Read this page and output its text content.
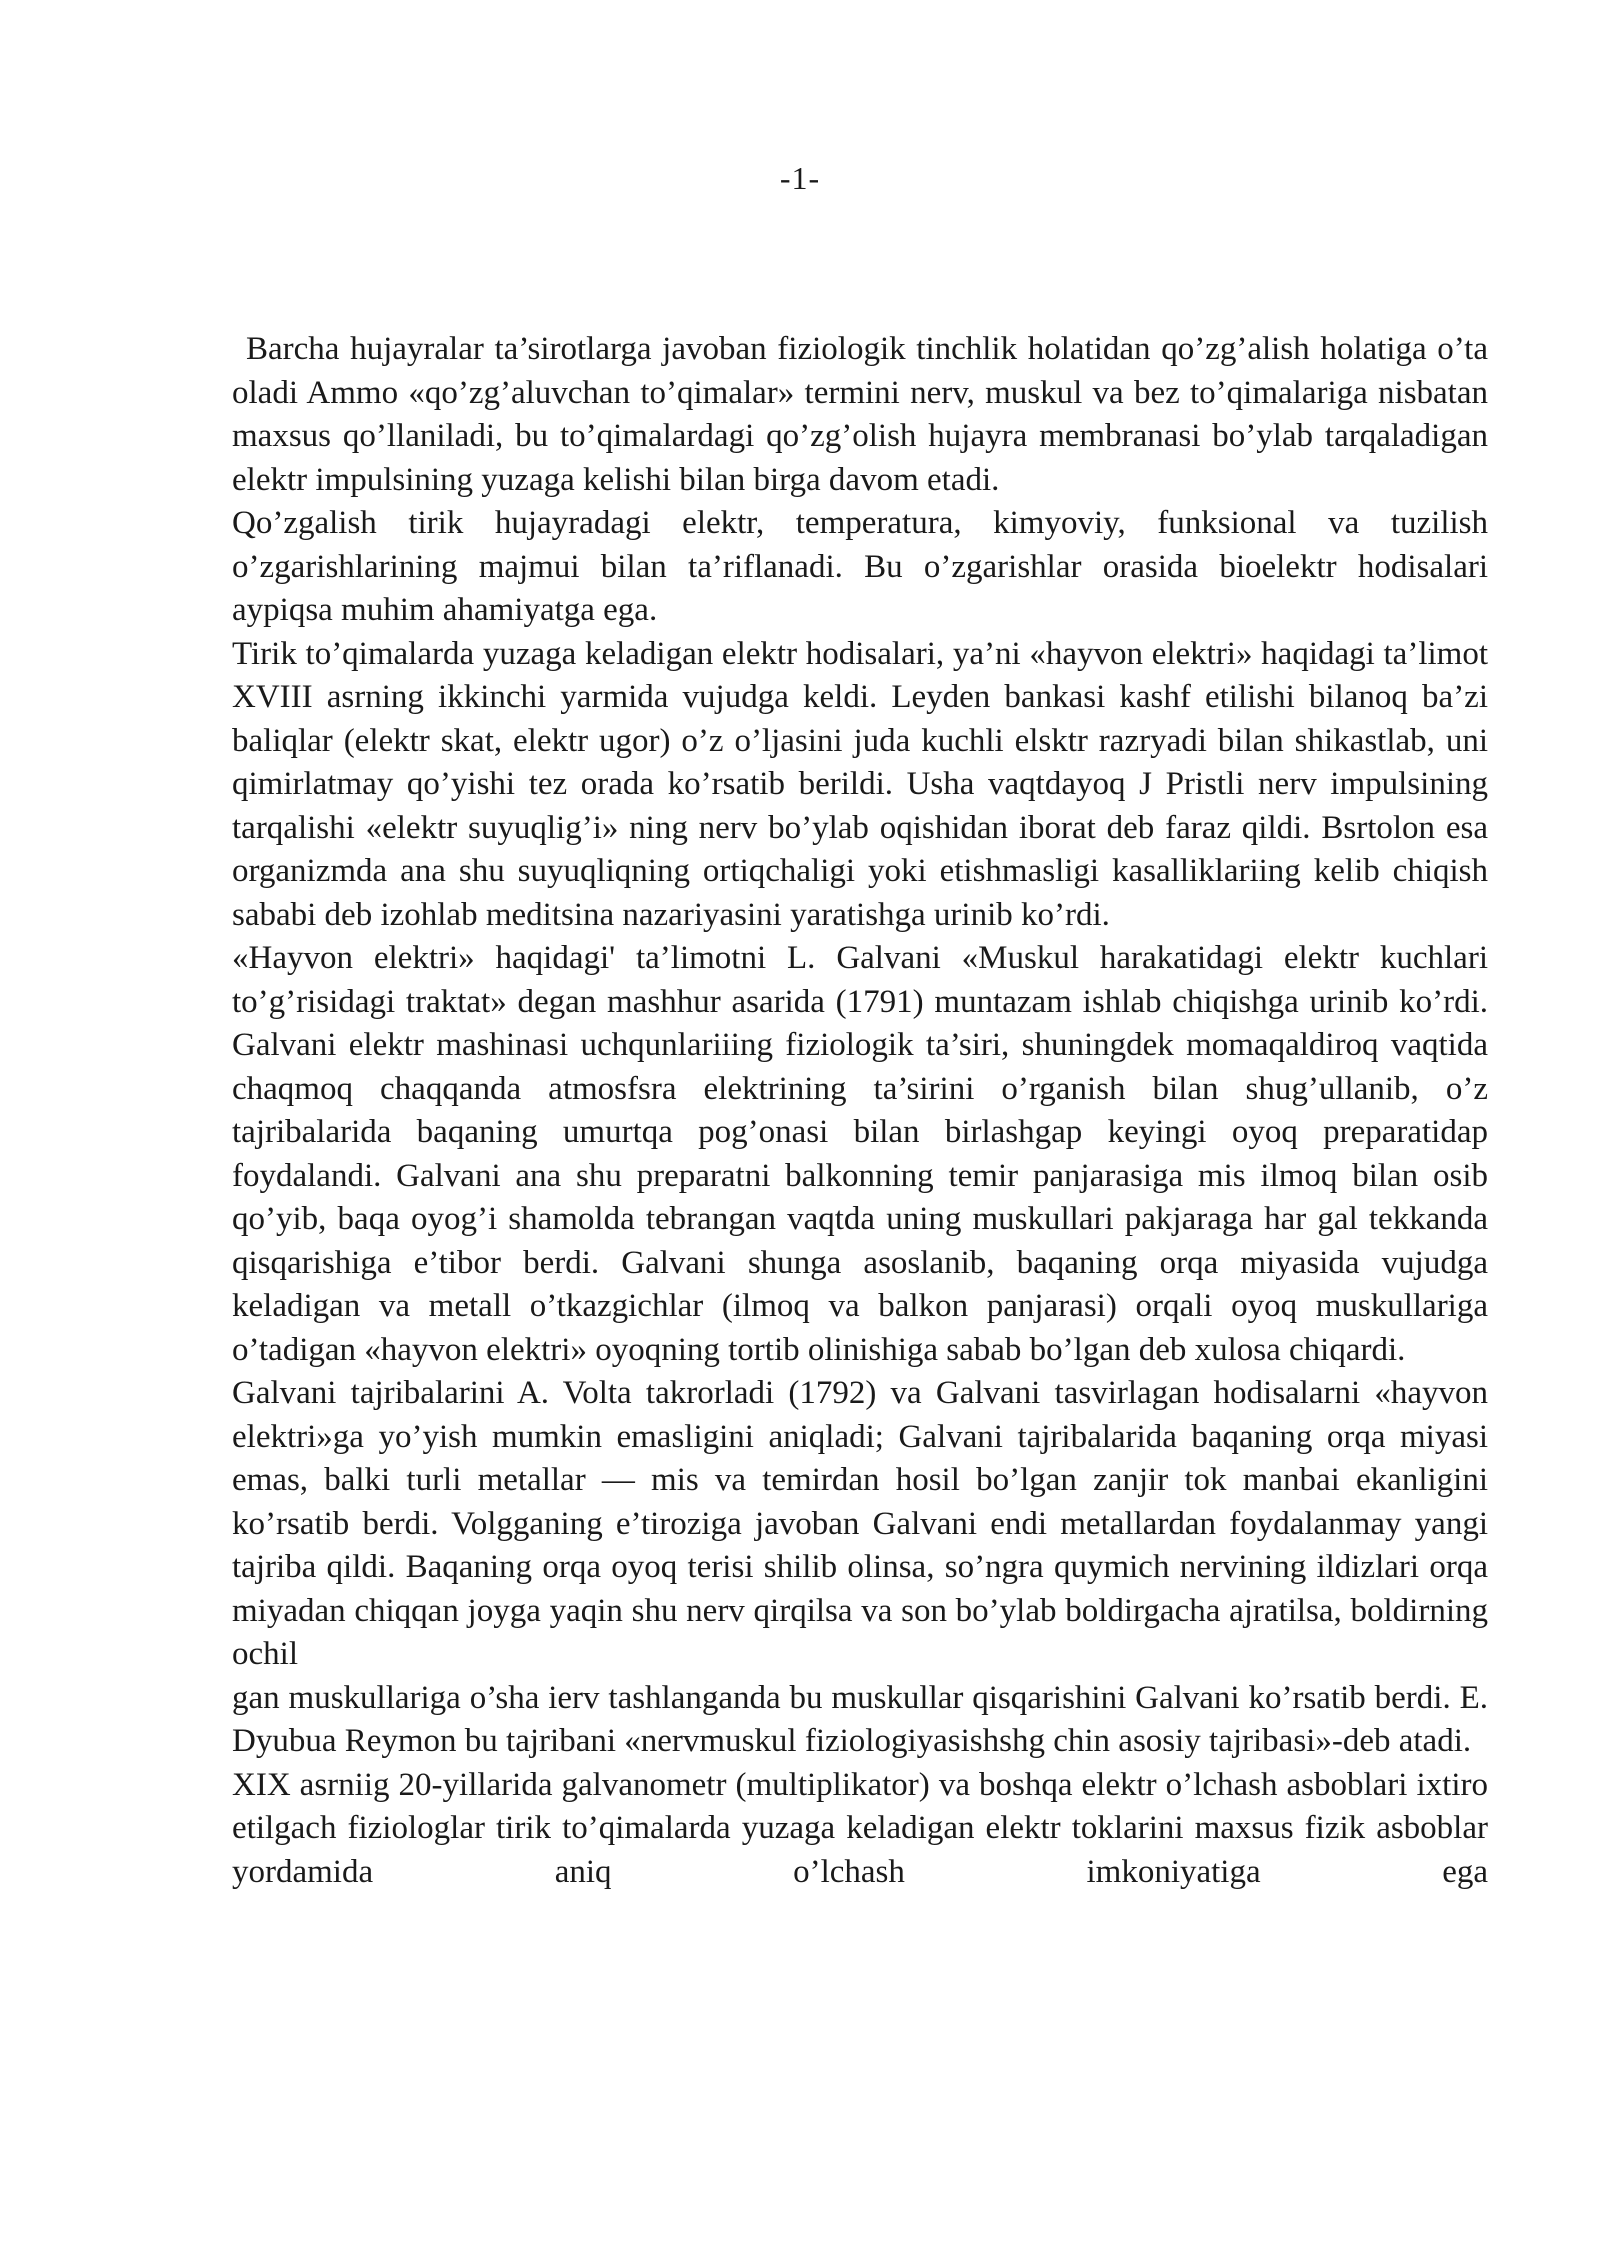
-1-

Barcha hujayralar ta’sirotlarga javoban fiziologik tinchlik holatidan qo’zg’alish holatiga o’ta oladi Ammo «qo’zg’aluvchan to’qimalar» termini nerv, muskul va bez to’qimalariga nisbatan maxsus qo’llaniladi, bu to’qimalardagi qo’zg’olish hujayra membranasi bo’ylab tarqaladigan elektr impulsining yuzaga kelishi bilan birga davom etadi.

Qo’zgalish tirik hujayradagi elektr, temperatura, kimyoviy, funksional va tuzilish o’zgarishlarining majmui bilan ta’riflanadi. Bu o’zgarishlar orasida bioelektr hodisalari aypiqsa muhim ahamiyatga ega.

Tirik to’qimalarda yuzaga keladigan elektr hodisalari, ya’ni «hayvon elektri» haqidagi ta’limot XVIII asrning ikkinchi yarmida vujudga keldi. Leyden bankasi kashf etilishi bilanoq ba’zi baliqlar (elektr skat, elektr ugor) o’z o’ljasini juda kuchli elsktr razryadi bilan shikastlab, uni qimirlatmay qo’yishi tez orada ko’rsatib berildi. Usha vaqtdayoq J Pristli nerv impulsining tarqalishi «elektr suyuqlig’i» ning nerv bo’ylab oqishidan iborat deb faraz qildi. Bsrtolon esa organizmda ana shu suyuqliqning ortiqchaligi yoki etishmasligi kasalliklariing kelib chiqish sababi deb izohlab meditsina nazariyasini yaratishga urinib ko’rdi.

«Hayvon elektri» haqidagi' ta’limotni L. Galvani «Muskul harakatidagi elektr kuchlari to’g’risidagi traktat» degan mashhur asarida (1791) muntazam ishlab chiqishga urinib ko’rdi. Galvani elektr mashinasi uchqunlariiing fiziologik ta’siri, shuningdek momaqaldiroq vaqtida chaqmoq chaqqanda atmosfsra elektrining ta’sirini o’rganish bilan shug’ullanib, o’z tajribalarida baqaning umurtqa pog’onasi bilan birlashgap keyingi oyoq preparatidap foydalandi. Galvani ana shu preparatni balkonning temir panjarasiga mis ilmoq bilan osib qo’yib, baqa oyog’i shamolda tebrangan vaqtda uning muskullari pakjaraga har gal tekkanda qisqarishiga e’tibor berdi. Galvani shunga asoslanib, baqaning orqa miyasida vujudga keladigan va metall o’tkazgichlar (ilmoq va balkon panjarasi) orqali oyoq muskullariga o’tadigan «hayvon elektri» oyoqning tortib olinishiga sabab bo’lgan deb xulosa chiqardi.

Galvani tajribalarini A. Volta takrorladi (1792) va Galvani tasvirlagan hodisalarni «hayvon elektri»ga yo’yish mumkin emasligini aniqladi; Galvani tajribalarida baqaning orqa miyasi emas, balki turli metallar — mis va temirdan hosil bo’lgan zanjir tok manbai ekanligini ko’rsatib berdi. Volgganing e’tiroziga javoban Galvani endi metallardan foydalanmay yangi tajriba qildi. Baqaning orqa oyoq terisi shilib olinsa, so’ngra quymich nervining ildizlari orqa miyadan chiqqan joyga yaqin shu nerv qirqilsa va son bo’ylab boldirgacha ajratilsa, boldirning ochil

gan muskullariga o’sha ierv tashlanganda bu muskullar qisqarishini Galvani ko’rsatib berdi. E. Dyubua Reymon bu tajribani «nervmuskul fiziologiyasishshg chin asosiy tajribasi»-deb atadi.

XIX asrniig 20-yillarida galvanometr (multiplikator) va boshqa elektr o’lchash asboblari ixtiro etilgach fiziologlar tirik to’qimalarda yuzaga keladigan elektr toklarini maxsus fizik asboblar yordamida aniq o’lchash imkoniyatiga ega
